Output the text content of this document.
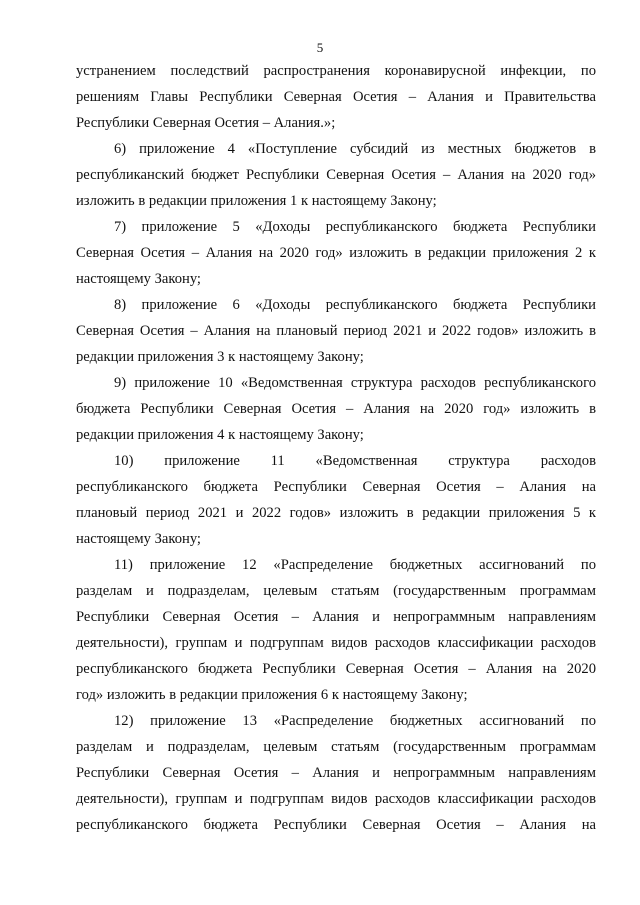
5
устранением последствий распространения коронавирусной инфекции, по
решениям Главы Республики Северная Осетия – Алания и Правительства
Республики Северная Осетия – Алания.»;
6) приложение 4 «Поступление субсидий из местных бюджетов в
республиканский бюджет Республики Северная Осетия – Алания на 2020 год»
изложить в редакции приложения 1 к настоящему Закону;
7) приложение 5 «Доходы республиканского бюджета Республики
Северная Осетия – Алания на 2020 год» изложить в редакции приложения 2 к
настоящему Закону;
8) приложение 6 «Доходы республиканского бюджета Республики
Северная Осетия – Алания на плановый период 2021 и 2022 годов» изложить в
редакции приложения 3 к настоящему Закону;
9) приложение 10 «Ведомственная структура расходов республиканского
бюджета Республики Северная Осетия – Алания на 2020 год» изложить в
редакции приложения 4 к настоящему Закону;
10) приложение 11 «Ведомственная структура расходов
республиканского бюджета Республики Северная Осетия – Алания на
плановый период 2021 и 2022 годов» изложить в редакции приложения 5 к
настоящему Закону;
11) приложение 12 «Распределение бюджетных ассигнований по
разделам и подразделам, целевым статьям (государственным программам
Республики Северная Осетия – Алания и непрограммным направлениям
деятельности), группам и подгруппам видов расходов классификации расходов
республиканского бюджета Республики Северная Осетия – Алания на 2020
год» изложить в редакции приложения 6 к настоящему Закону;
12) приложение 13 «Распределение бюджетных ассигнований по
разделам и подразделам, целевым статьям (государственным программам
Республики Северная Осетия – Алания и непрограммным направлениям
деятельности), группам и подгруппам видов расходов классификации расходов
республиканского бюджета Республики Северная Осетия – Алания на
